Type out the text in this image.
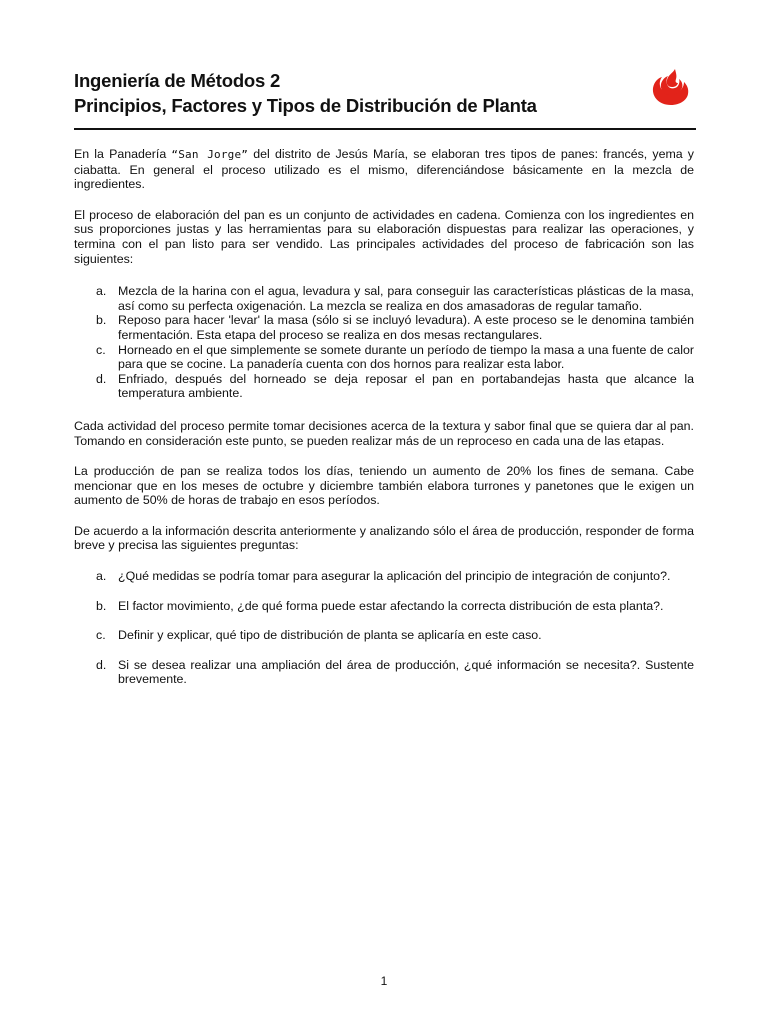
Ingeniería de Métodos 2
Principios, Factores y Tipos de Distribución de Planta

En la Panadería “San Jorge” del distrito de Jesús María, se elaboran tres tipos de panes: francés, yema y ciabatta. En general el proceso utilizado es el mismo, diferenciándose básicamente en la mezcla de ingredientes.

El proceso de elaboración del pan es un conjunto de actividades en cadena. Comienza con los ingredientes en sus proporciones justas y las herramientas para su elaboración dispuestas para realizar las operaciones, y termina con el pan listo para ser vendido. Las principales actividades del proceso de fabricación son las siguientes:

a. Mezcla de la harina con el agua, levadura y sal, para conseguir las características plásticas de la masa, así como su perfecta oxigenación. La mezcla se realiza en dos amasadoras de regular tamaño.
b. Reposo para hacer 'levar' la masa (sólo si se incluyó levadura). A este proceso se le denomina también fermentación. Esta etapa del proceso se realiza en dos mesas rectangulares.
c. Horneado en el que simplemente se somete durante un período de tiempo la masa a una fuente de calor para que se cocine. La panadería cuenta con dos hornos para realizar esta labor.
d. Enfriado, después del horneado se deja reposar el pan en portabandejas hasta que alcance la temperatura ambiente.

Cada actividad del proceso permite tomar decisiones acerca de la textura y sabor final que se quiera dar al pan. Tomando en consideración este punto, se pueden realizar más de un reproceso en cada una de las etapas.

La producción de pan se realiza todos los días, teniendo un aumento de 20% los fines de semana. Cabe mencionar que en los meses de octubre y diciembre también elabora turrones y panetones que le exigen un aumento de 50% de horas de trabajo en esos períodos.

De acuerdo a la información descrita anteriormente y analizando sólo el área de producción, responder de forma breve y precisa las siguientes preguntas:

a. ¿Qué medidas se podría tomar para asegurar la aplicación del principio de integración de conjunto?.
b. El factor movimiento, ¿de qué forma puede estar afectando la correcta distribución de esta planta?.
c. Definir y explicar, qué tipo de distribución de planta se aplicaría en este caso.
d. Si se desea realizar una ampliación del área de producción, ¿qué información se necesita?. Sustente brevemente.
1
